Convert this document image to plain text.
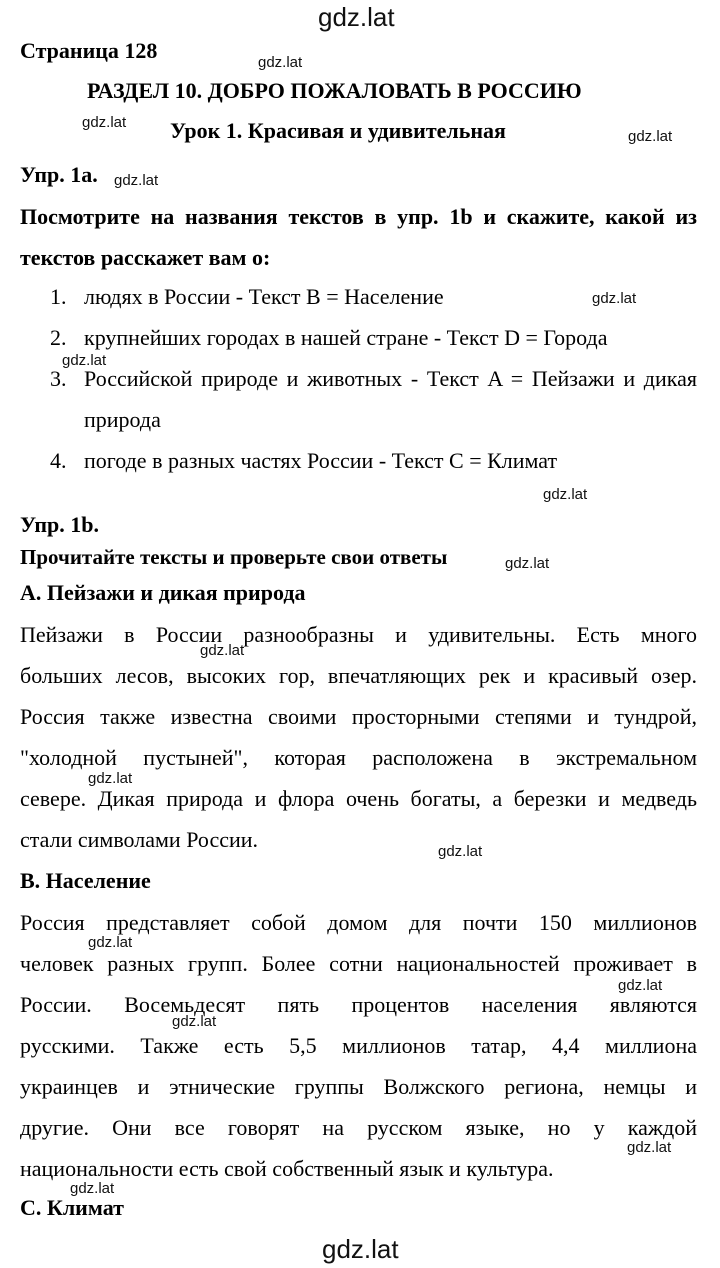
gdz.lat
gdz.lat
gdz.lat
gdz.lat
gdz.lat
gdz.lat
gdz.lat
gdz.lat
gdz.lat
gdz.lat
gdz.lat
gdz.lat
gdz.lat
gdz.lat
gdz.lat
gdz.lat
gdz.lat
gdz.lat
Страница 128
РАЗДЕЛ 10. ДОБРО ПОЖАЛОВАТЬ В РОССИЮ
Урок 1. Красивая и удивительная
Упр. 1a.
Посмотрите на названия текстов в упр. 1b и скажите, какой из текстов расскажет вам о:
1. людях в России - Текст B = Население
2. крупнейших городах в нашей стране - Текст D = Города
3. Российской природе и животных - Текст A = Пейзажи и дикая природа
4. погоде в разных частях России - Текст C = Климат
Упр. 1b.
Прочитайте тексты и проверьте свои ответы
A. Пейзажи и дикая природа
Пейзажи в России разнообразны и удивительны. Есть много
больших лесов, высоких гор, впечатляющих рек и красивый озер.
Россия также известна своими просторными степями и тундрой,
"холодной пустыней", которая расположена в экстремальном
севере. Дикая природа и флора очень богаты, а березки и медведь
стали символами России.
B. Население
Россия представляет собой домом для почти 150 миллионов
человек разных групп. Более сотни национальностей проживает в
России. Восемьдесят пять процентов населения являются
русскими. Также есть 5,5 миллионов татар, 4,4 миллиона
украинцев и этнические группы Волжского региона, немцы и
другие. Они все говорят на русском языке, но у каждой
национальности есть свой собственный язык и культура.
C. Климат
